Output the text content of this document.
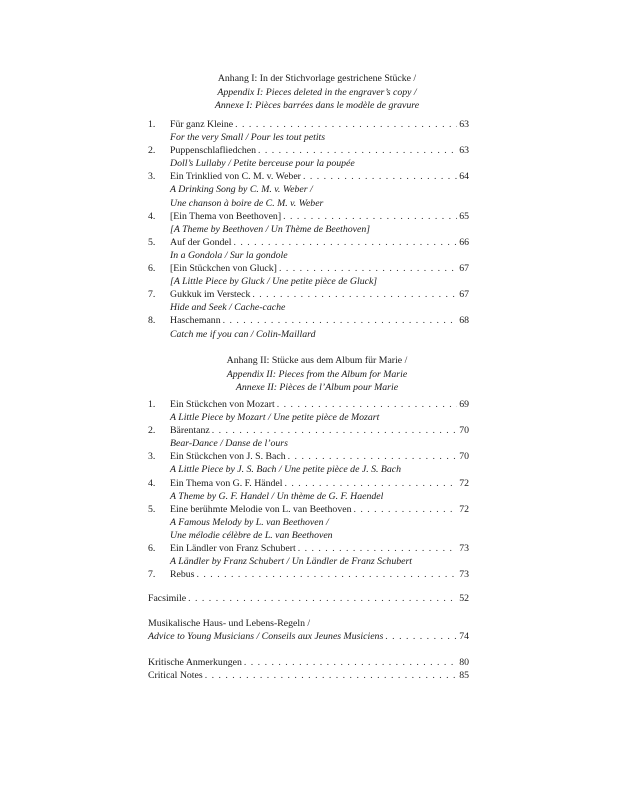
Anhang I: In der Stichvorlage gestrichene Stücke /
Appendix I: Pieces deleted in the engraver’s copy /
Annexe I: Pièces barrées dans le modèle de gravure
1.	Für ganz Kleine . . .	63
For the very Small / Pour les tout petits
2.	Puppenschlafliedchen . . .	63
Doll’s Lullaby / Petite berceuse pour la poupée
3.	Ein Trinklied von C. M. v. Weber . . .	64
A Drinking Song by C. M. v. Weber /
Une chanson à boire de C. M. v. Weber
4.	[Ein Thema von Beethoven] . . .	65
[A Theme by Beethoven / Un Thème de Beethoven]
5.	Auf der Gondel . . .	66
In a Gondola / Sur la gondole
6.	[Ein Stückchen von Gluck] . . .	67
[A Little Piece by Gluck / Une petite pièce de Gluck]
7.	Gukkuk im Versteck . . .	67
Hide and Seek / Cache-cache
8.	Haschemann . . .	68
Catch me if you can / Colin-Maillard
Anhang II: Stücke aus dem Album für Marie /
Appendix II: Pieces from the Album for Marie
Annexe II: Pièces de l’Album pour Marie
1.	Ein Stückchen von Mozart . . .	69
A Little Piece by Mozart / Une petite pièce de Mozart
2.	Bärentanz . . .	70
Bear-Dance / Danse de l’ours
3.	Ein Stückchen von J. S. Bach . . .	70
A Little Piece by J. S. Bach / Une petite pièce de J. S. Bach
4.	Ein Thema von G. F. Händel . . .	72
A Theme by G. F. Handel / Un thème de G. F. Haendel
5.	Eine berühmte Melodie von L. van Beethoven . . .	72
A Famous Melody by L. van Beethoven /
Une mélodie célèbre de L. van Beethoven
6.	Ein Ländler von Franz Schubert . . .	73
A Ländler by Franz Schubert / Un Ländler de Franz Schubert
7.	Rebus . . .	73
Facsimile . . .	52
Musikalische Haus- und Lebens-Regeln /
Advice to Young Musicians / Conseils aux Jeunes Musiciens . . .	74
Kritische Anmerkungen . . .	80
Critical Notes . . .	85
